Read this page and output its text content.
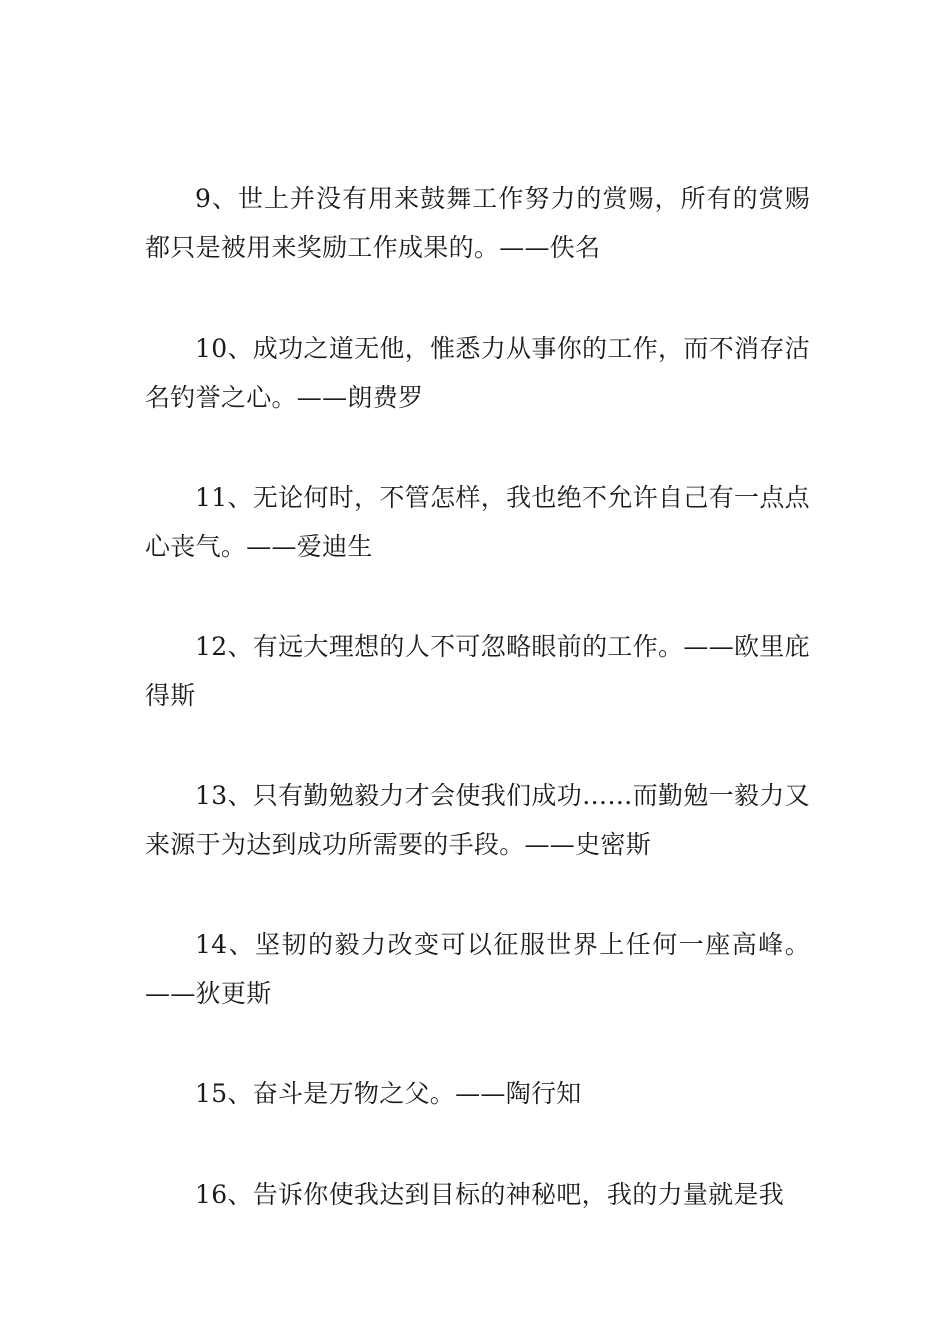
9、世上并没有用来鼓舞工作努力的赏赐，所有的赏赐都只是被用来奖励工作成果的。——佚名

10、成功之道无他，惟悉力从事你的工作，而不消存沽名钓誉之心。——朗费罗

11、无论何时，不管怎样，我也绝不允许自己有一点点心丧气。——爱迪生

12、有远大理想的人不可忽略眼前的工作。——欧里庇得斯

13、只有勤勉毅力才会使我们成功……而勤勉一毅力又来源于为达到成功所需要的手段。——史密斯

14、坚韧的毅力改变可以征服世界上任何一座高峰。——狄更斯

15、奋斗是万物之父。——陶行知

16、告诉你使我达到目标的神秘吧，我的力量就是我
